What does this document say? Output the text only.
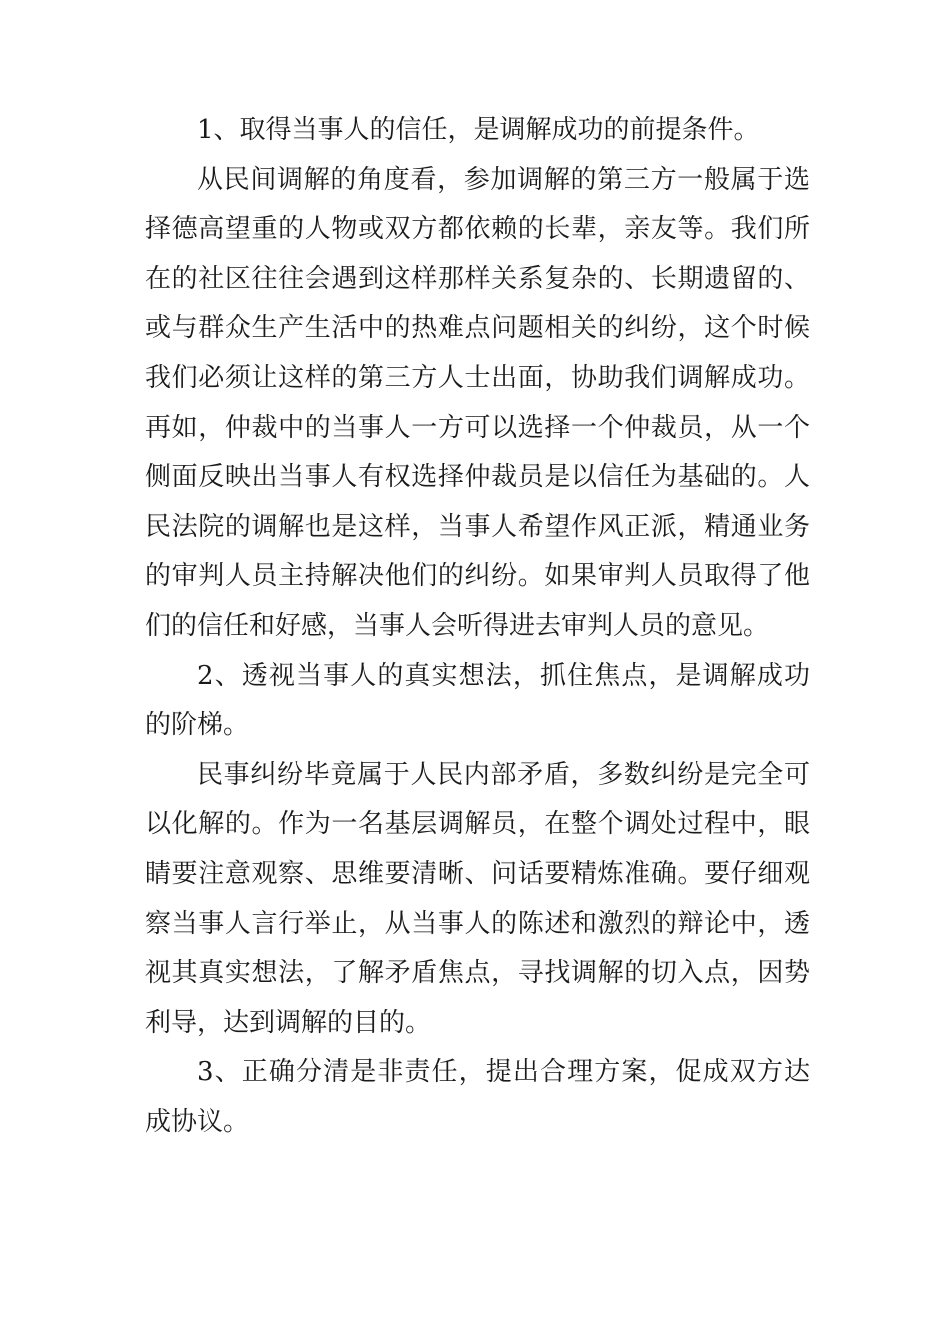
1、取得当事人的信任，是调解成功的前提条件。

从民间调解的角度看，参加调解的第三方一般属于选择德高望重的人物或双方都依赖的长辈，亲友等。我们所在的社区往往会遇到这样那样关系复杂的、长期遗留的、或与群众生产生活中的热难点问题相关的纠纷，这个时候我们必须让这样的第三方人士出面，协助我们调解成功。再如，仲裁中的当事人一方可以选择一个仲裁员，从一个侧面反映出当事人有权选择仲裁员是以信任为基础的。人民法院的调解也是这样，当事人希望作风正派，精通业务的审判人员主持解决他们的纠纷。如果审判人员取得了他们的信任和好感，当事人会听得进去审判人员的意见。

2、透视当事人的真实想法，抓住焦点，是调解成功的阶梯。

民事纠纷毕竟属于人民内部矛盾，多数纠纷是完全可以化解的。作为一名基层调解员，在整个调处过程中，眼睛要注意观察、思维要清晰、问话要精炼准确。要仔细观察当事人言行举止，从当事人的陈述和激烈的辩论中，透视其真实想法，了解矛盾焦点，寻找调解的切入点，因势利导，达到调解的目的。

3、正确分清是非责任，提出合理方案，促成双方达成协议。
